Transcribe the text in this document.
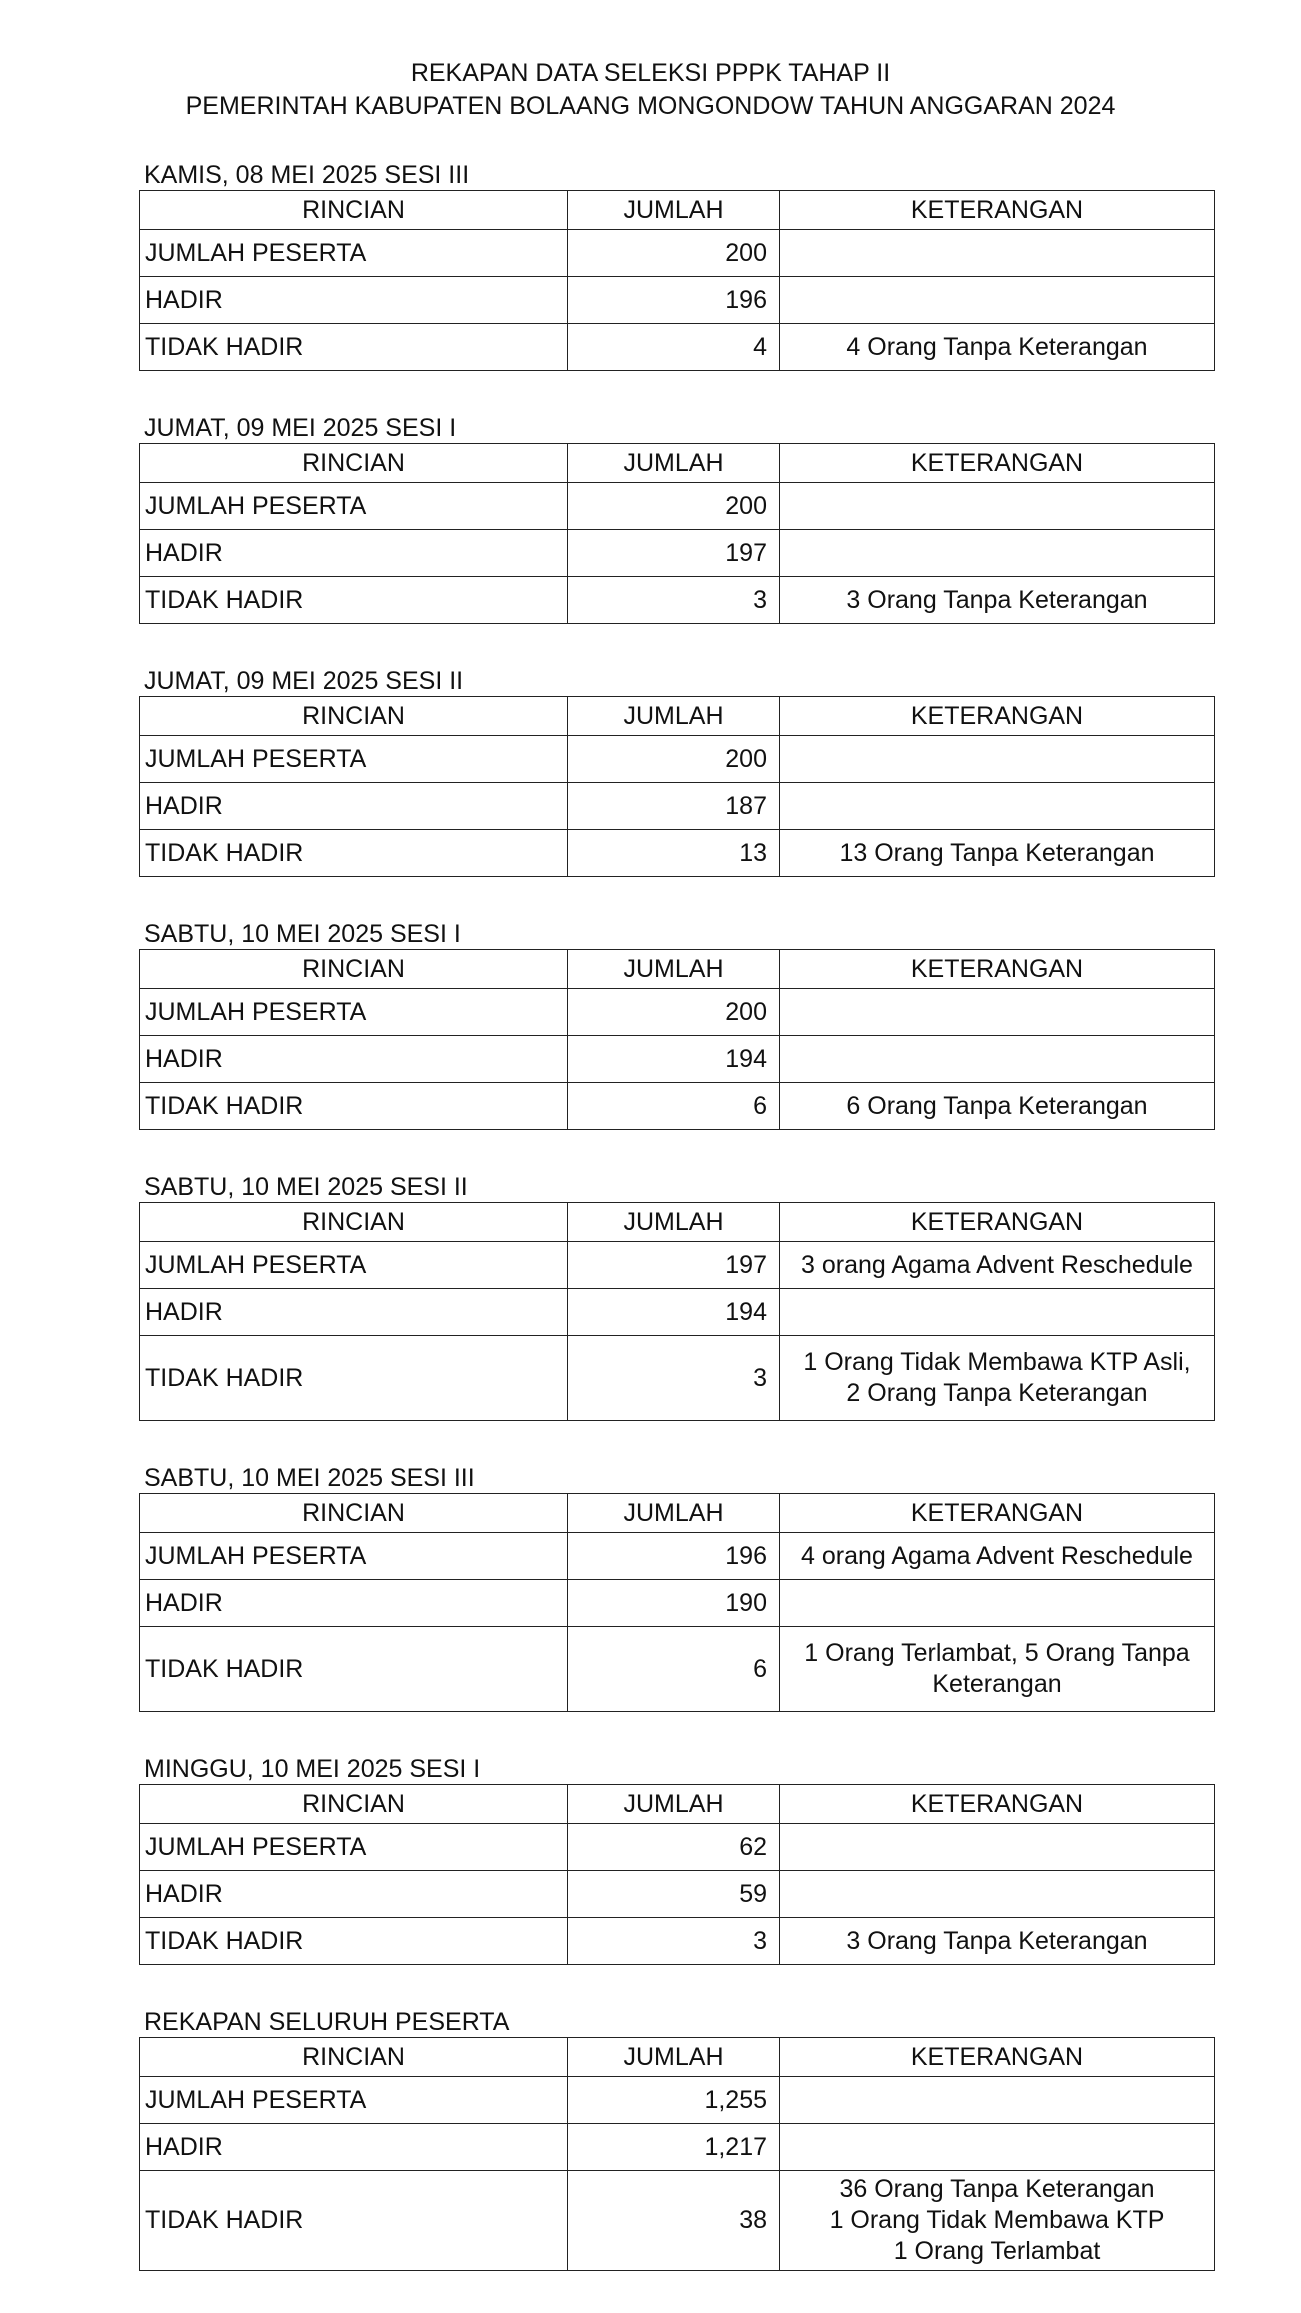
REKAPAN DATA SELEKSI PPPK TAHAP II
PEMERINTAH KABUPATEN BOLAANG MONGONDOW TAHUN ANGGARAN 2024
KAMIS, 08 MEI 2025 SESI III
RINCIAN	JUMLAH	KETERANGAN
JUMLAH PESERTA	200	
HADIR	196	
TIDAK HADIR	4	4 Orang Tanpa Keterangan
JUMAT, 09 MEI 2025 SESI I
RINCIAN	JUMLAH	KETERANGAN
JUMLAH PESERTA	200	
HADIR	197	
TIDAK HADIR	3	3 Orang Tanpa Keterangan
JUMAT, 09 MEI 2025 SESI II
RINCIAN	JUMLAH	KETERANGAN
JUMLAH PESERTA	200	
HADIR	187	
TIDAK HADIR	13	13 Orang Tanpa Keterangan
SABTU, 10 MEI 2025 SESI I
RINCIAN	JUMLAH	KETERANGAN
JUMLAH PESERTA	200	
HADIR	194	
TIDAK HADIR	6	6 Orang Tanpa Keterangan
SABTU, 10 MEI 2025 SESI II
RINCIAN	JUMLAH	KETERANGAN
JUMLAH PESERTA	197	3 orang Agama Advent Reschedule

HADIR	194	
TIDAK HADIR	3	1 Orang Tidak Membawa KTP Asli,
2 Orang Tanpa Keterangan
SABTU, 10 MEI 2025 SESI III
RINCIAN	JUMLAH	KETERANGAN
JUMLAH PESERTA	196	4 orang Agama Advent Reschedule

HADIR	190	
TIDAK HADIR	6	1 Orang Terlambat, 5 Orang Tanpa
Keterangan
MINGGU, 10 MEI 2025 SESI I
RINCIAN	JUMLAH	KETERANGAN
JUMLAH PESERTA	62	
HADIR	59	
TIDAK HADIR	3	3 Orang Tanpa Keterangan
REKAPAN SELURUH PESERTA
RINCIAN	JUMLAH	KETERANGAN
JUMLAH PESERTA	1,255	
HADIR	1,217	
TIDAK HADIR	38	36 Orang Tanpa Keterangan
1 Orang Tidak Membawa KTP
1 Orang Terlambat
